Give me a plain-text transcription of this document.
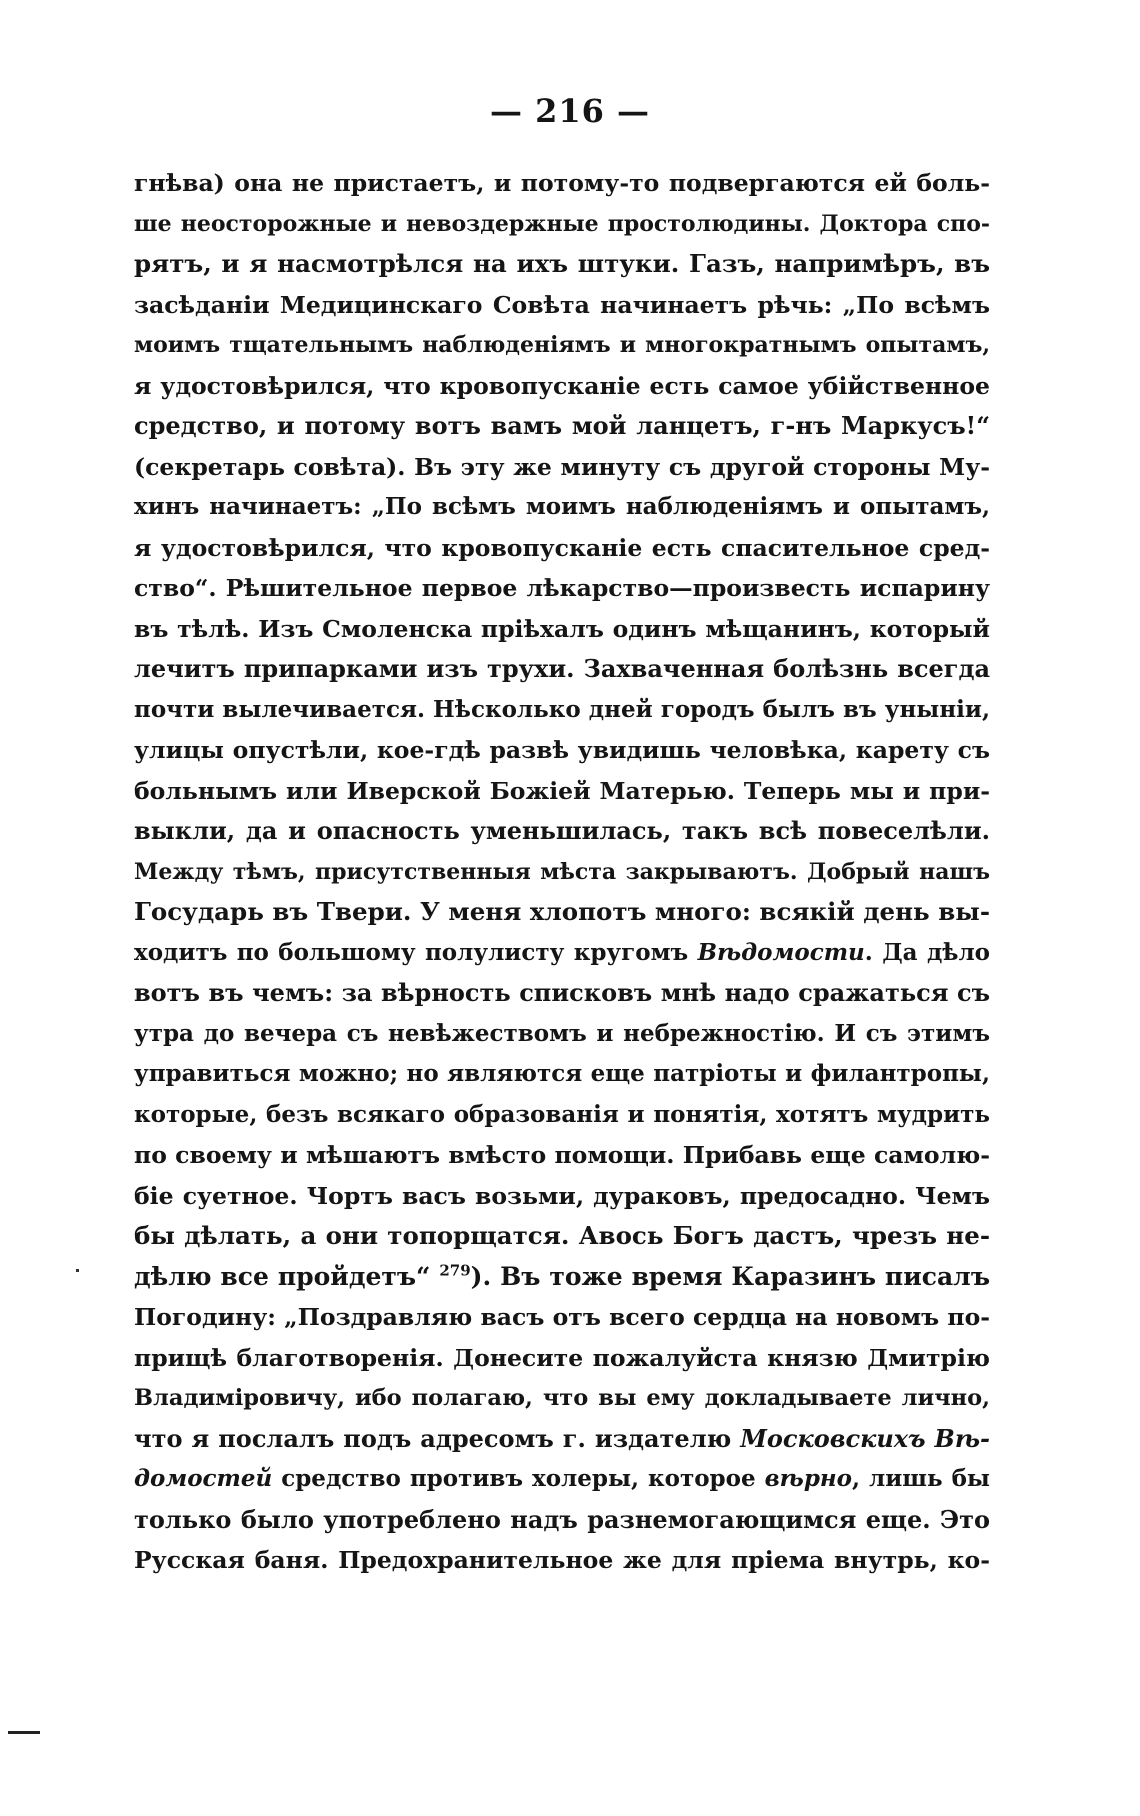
— 216 —
гнѣва) она не пристаетъ, и потому-то подвергаются ей боль-
ше неосторожные и невоздержные простолюдины. Доктора спо-
рятъ, и я насмотрѣлся на ихъ штуки. Газъ, напримѣръ, въ
засѣданіи Медицинскаго Совѣта начинаетъ рѣчь: „По всѣмъ
моимъ тщательнымъ наблюденіямъ и многократнымъ опытамъ,
я удостовѣрился, что кровопусканіе есть самое убійственное
средство, и потому вотъ вамъ мой ланцетъ, г-нъ Маркусъ!“
(секретарь совѣта). Въ эту же минуту съ другой стороны Му-
хинъ начинаетъ: „По всѣмъ моимъ наблюденіямъ и опытамъ,
я удостовѣрился, что кровопусканіе есть спасительное сред-
ство“. Рѣшительное первое лѣкарство—произвесть испарину
въ тѣлѣ. Изъ Смоленска пріѣхалъ одинъ мѣщанинъ, который
лечитъ припарками изъ трухи. Захваченная болѣзнь всегда
почти вылечивается. Нѣсколько дней городъ былъ въ уныніи,
улицы опустѣли, кое-гдѣ развѣ увидишь человѣка, карету съ
больнымъ или Иверской Божіей Матерью. Теперь мы и при-
выкли, да и опасность уменьшилась, такъ всѣ повеселѣли.
Между тѣмъ, присутственныя мѣста закрываютъ. Добрый нашъ
Государь въ Твери. У меня хлопотъ много: всякій день вы-
ходитъ по большому полулисту кругомъ Вѣдомости. Да дѣло
вотъ въ чемъ: за вѣрность списковъ мнѣ надо сражаться съ
утра до вечера съ невѣжествомъ и небрежностію. И съ этимъ
управиться можно; но являются еще патріоты и филантропы,
которые, безъ всякаго образованія и понятія, хотятъ мудрить
по своему и мѣшаютъ вмѣсто помощи. Прибавь еще самолю-
біе суетное. Чортъ васъ возьми, дураковъ, предосадно. Чемъ
бы дѣлать, а они топорщатся. Авось Богъ дастъ, чрезъ не-
дѣлю все пройдетъ“ $^{279}$). Въ тоже время Каразинъ писалъ
Погодину: „Поздравляю васъ отъ всего сердца на новомъ по-
прищѣ благотворенія. Донесите пожалуйста князю Дмитрію
Владиміровичу, ибо полагаю, что вы ему докладываете лично,
что я послалъ подъ адресомъ г. издателю Московскихъ Вѣ-
домостей средство противъ холеры, которое вѣрно, лишь бы
только было употреблено надъ разнемогающимся еще. Это
Русская баня. Предохранительное же для пріема внутрь, ко-
